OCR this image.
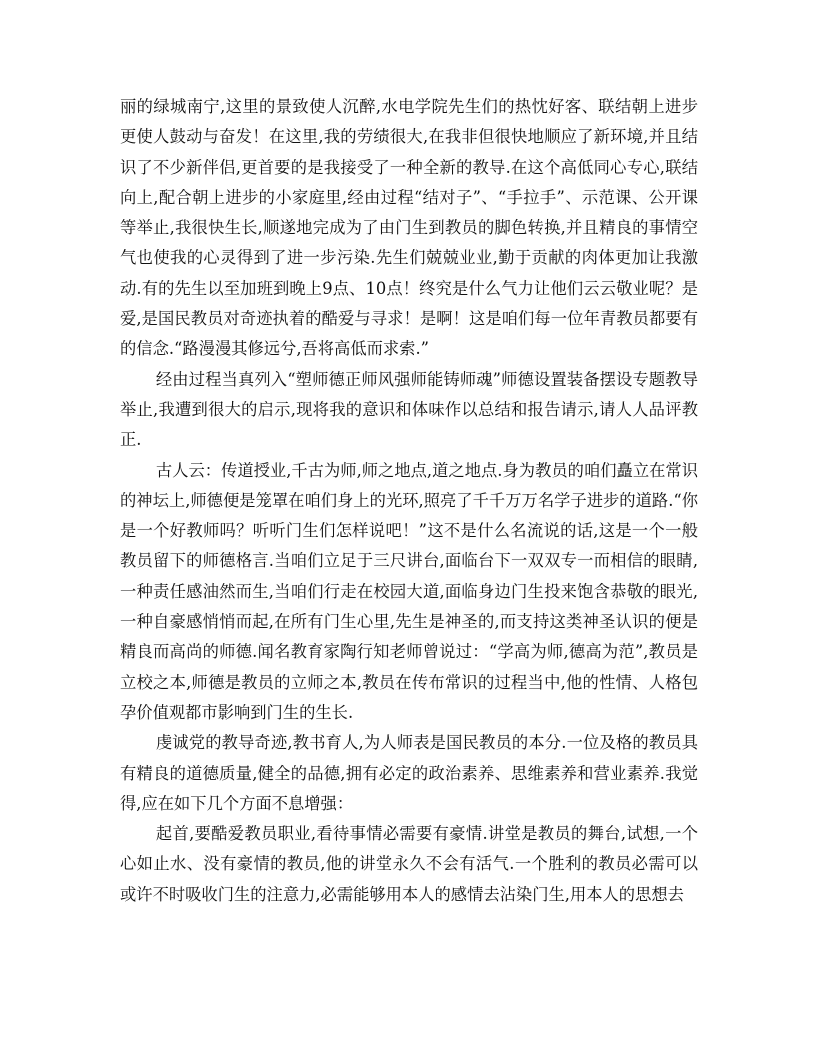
丽的绿城南宁,这里的景致使人沉醉,水电学院先生们的热忱好客、联结朝上进步更使人鼓动与奋发！在这里,我的劳绩很大,在我非但很快地顺应了新环境,并且结识了不少新伴侣,更首要的是我接受了一种全新的教导.在这个高低同心专心,联结向上,配合朝上进步的小家庭里,经由过程“结对子”、“手拉手”、示范课、公开课等举止,我很快生长,顺遂地完成为了由门生到教员的脚色转换,并且精良的事情空气也使我的心灵得到了进一步污染.先生们兢兢业业,勤于贡献的肉体更加让我激动.有的先生以至加班到晚上9点、10点！终究是什么气力让他们云云敬业呢？是爱,是国民教员对奇迹执着的酷爱与寻求！是啊！这是咱们每一位年青教员都要有的信念.“路漫漫其修远兮,吾将高低而求索.”

经由过程当真列入“塑师德正师风强师能铸师魂”师德设置装备摆设专题教导举止,我遭到很大的启示,现将我的意识和体味作以总结和报告请示,请人人品评教正.

古人云：传道授业,千古为师,师之地点,道之地点.身为教员的咱们矗立在常识的神坛上,师德便是笼罩在咱们身上的光环,照亮了千千万万名学子进步的道路.“你是一个好教师吗？听听门生们怎样说吧！”这不是什么名流说的话,这是一个一般教员留下的师德格言.当咱们立足于三尺讲台,面临台下一双双专一而相信的眼睛,一种责任感油然而生,当咱们行走在校园大道,面临身边门生投来饱含恭敬的眼光,一种自豪感悄悄而起,在所有门生心里,先生是神圣的,而支持这类神圣认识的便是精良而高尚的师德.闻名教育家陶行知老师曾说过：“学高为师,德高为范”,教员是立校之本,师德是教员的立师之本,教员在传布常识的过程当中,他的性情、人格包孕价值观都市影响到门生的生长.

虔诚党的教导奇迹,教书育人,为人师表是国民教员的本分.一位及格的教员具有精良的道德质量,健全的品德,拥有必定的政治素养、思维素养和营业素养.我觉得,应在如下几个方面不息增强：

起首,要酷爱教员职业,看待事情必需要有豪情.讲堂是教员的舞台,试想,一个心如止水、没有豪情的教员,他的讲堂永久不会有活气.一个胜利的教员必需可以或许不时吸收门生的注意力,必需能够用本人的感情去沾染门生,用本人的思想去
